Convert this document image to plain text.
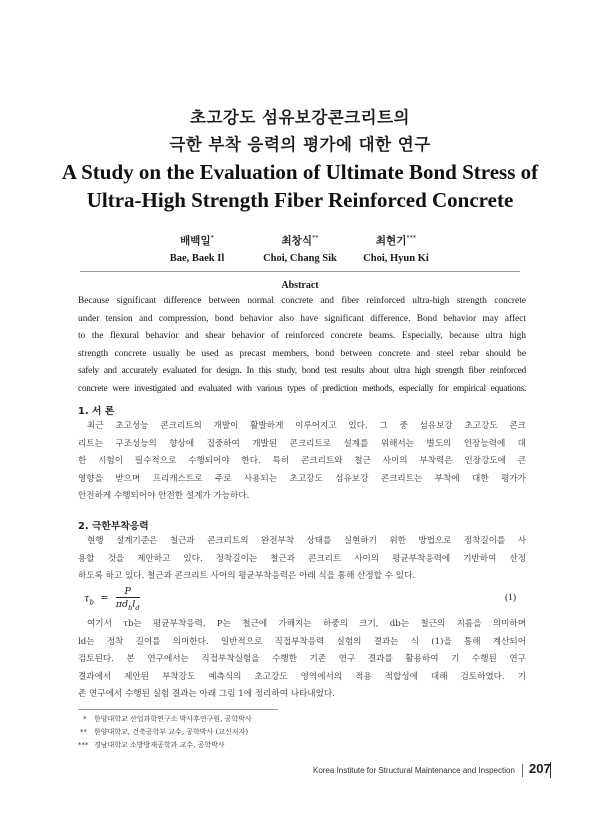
초고강도 섬유보강콘크리트의
극한 부착 응력의 평가에 대한 연구
A Study on the Evaluation of Ultimate Bond Stress of
Ultra-High Strength Fiber Reinforced Concrete
배백일*
Bae, Baek Il
최창식**
Choi, Chang Sik
최현기***
Choi, Hyun Ki
Abstract
Because significant difference between normal concrete and fiber reinforced ultra-high strength concrete
under tension and compression, bond behavior also have significant difference. Bond behavior may affect
to the flexural behavior and shear behavior of reinforced concrete beams. Especially, because ultra high
strength concrete usually be used as precast members, bond between concrete and steel rebar should be
safely and accurately evaluated for design. In this study, bond test results about ultra high strength fiber reinforced
concrete were investigated and evaluated with various types of prediction methods, especially for empirical equations.
1. 서 론
최근 초고성능 콘크리트의 개발이 활발하게 이루어지고 있다. 그 중 섬유보강 초고강도 콘크
리트는 구조성능의 향상에 집중하여 개발된 콘크리트로 설계를 위해서는 별도의 인장능력에 대
한 시험이 필수적으로 수행되어야 한다. 특히 콘크리트와 철근 사이의 부착력은 인장강도에 큰
영향을 받으며 프리캐스트로 주로 사용되는 초고강도 섬유보강 콘크리트는 부착에 대한 평가가
안전하게 수행되어야 안전한 설계가 가능하다.
2. 극한부착응력
현행 설계기준은 철근과 콘크리트의 완전부착 상태를 실현하기 위한 방법으로 정착길이를 사
용할 것을 제안하고 있다. 정착길이는 철근과 콘크리트 사이의 평균부착응력에 기반하여 산정
하도록 하고 있다. 철근과 콘크리트 사이의 평균부착응력은 아래 식을 통해 산정할 수 있다.
$\tau_b = \frac{P}{\pi d_bl_d}$	(1)
여기서 τb는 평균부착응력, P는 철근에 가해지는 하중의 크기, db는 철근의 지름을 의미하며
ld는 정착 길이를 의미한다. 일반적으로 직접부착응력 실험의 결과는 식 (1)을 통해 계산되어
검토된다. 본 연구에서는 직접부착실험을 수행한 기존 연구 결과를 활용하여 기 수행된 연구
결과에서 제안된 부착강도 예측식의 초고강도 영역에서의 적용 적합성에 대해 검토하였다. 기
존 연구에서 수행된 실험 결과는 아래 그림 1에 정리하여 나타내었다.
* 한양대학교 산업과학연구소 박사후연구원, 공학박사
** 한양대학교, 건축공학부 교수, 공학박사 (교신저자)
*** 경남대학교 소방방재공학과 교수, 공학박사
Korea Institute for Structural Maintenance and Inspection 207
